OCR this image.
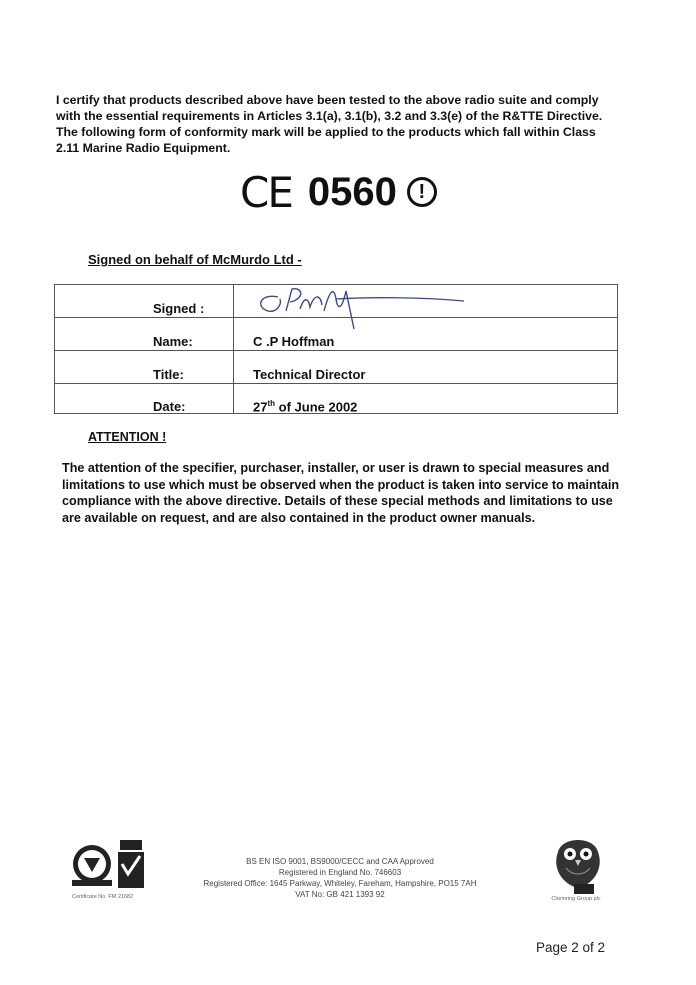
I certify that products described above have been tested to the above radio suite and comply with the essential requirements in Articles 3.1(a), 3.1(b), 3.2 and 3.3(e) of the R&TTE Directive. The following form of conformity mark will be applied to the products which fall within Class 2.11 Marine Radio Equipment.
CE 0560	!
Signed on behalf of McMurdo Ltd -
Signed :
Name:	C .P Hoffman
Title:	Technical Director
Date:	27th of June 2002
ATTENTION !
The attention of the specifier, purchaser, installer, or user is drawn to special measures and limitations to use which must be observed when the product is taken into service to maintain compliance with the above directive. Details of these special methods and limitations to use are available on request, and are also contained in the product owner manuals.
Certificate No. FM 21682
BS EN ISO 9001, BS9000/CECC and CAA Approved
Registered in England No. 746603
Registered Office: 1645 Parkway, Whiteley, Fareham, Hampshire, PO15 7AH
VAT No: GB 421 1393 92	Chemring Group plc
Page 2 of 2
